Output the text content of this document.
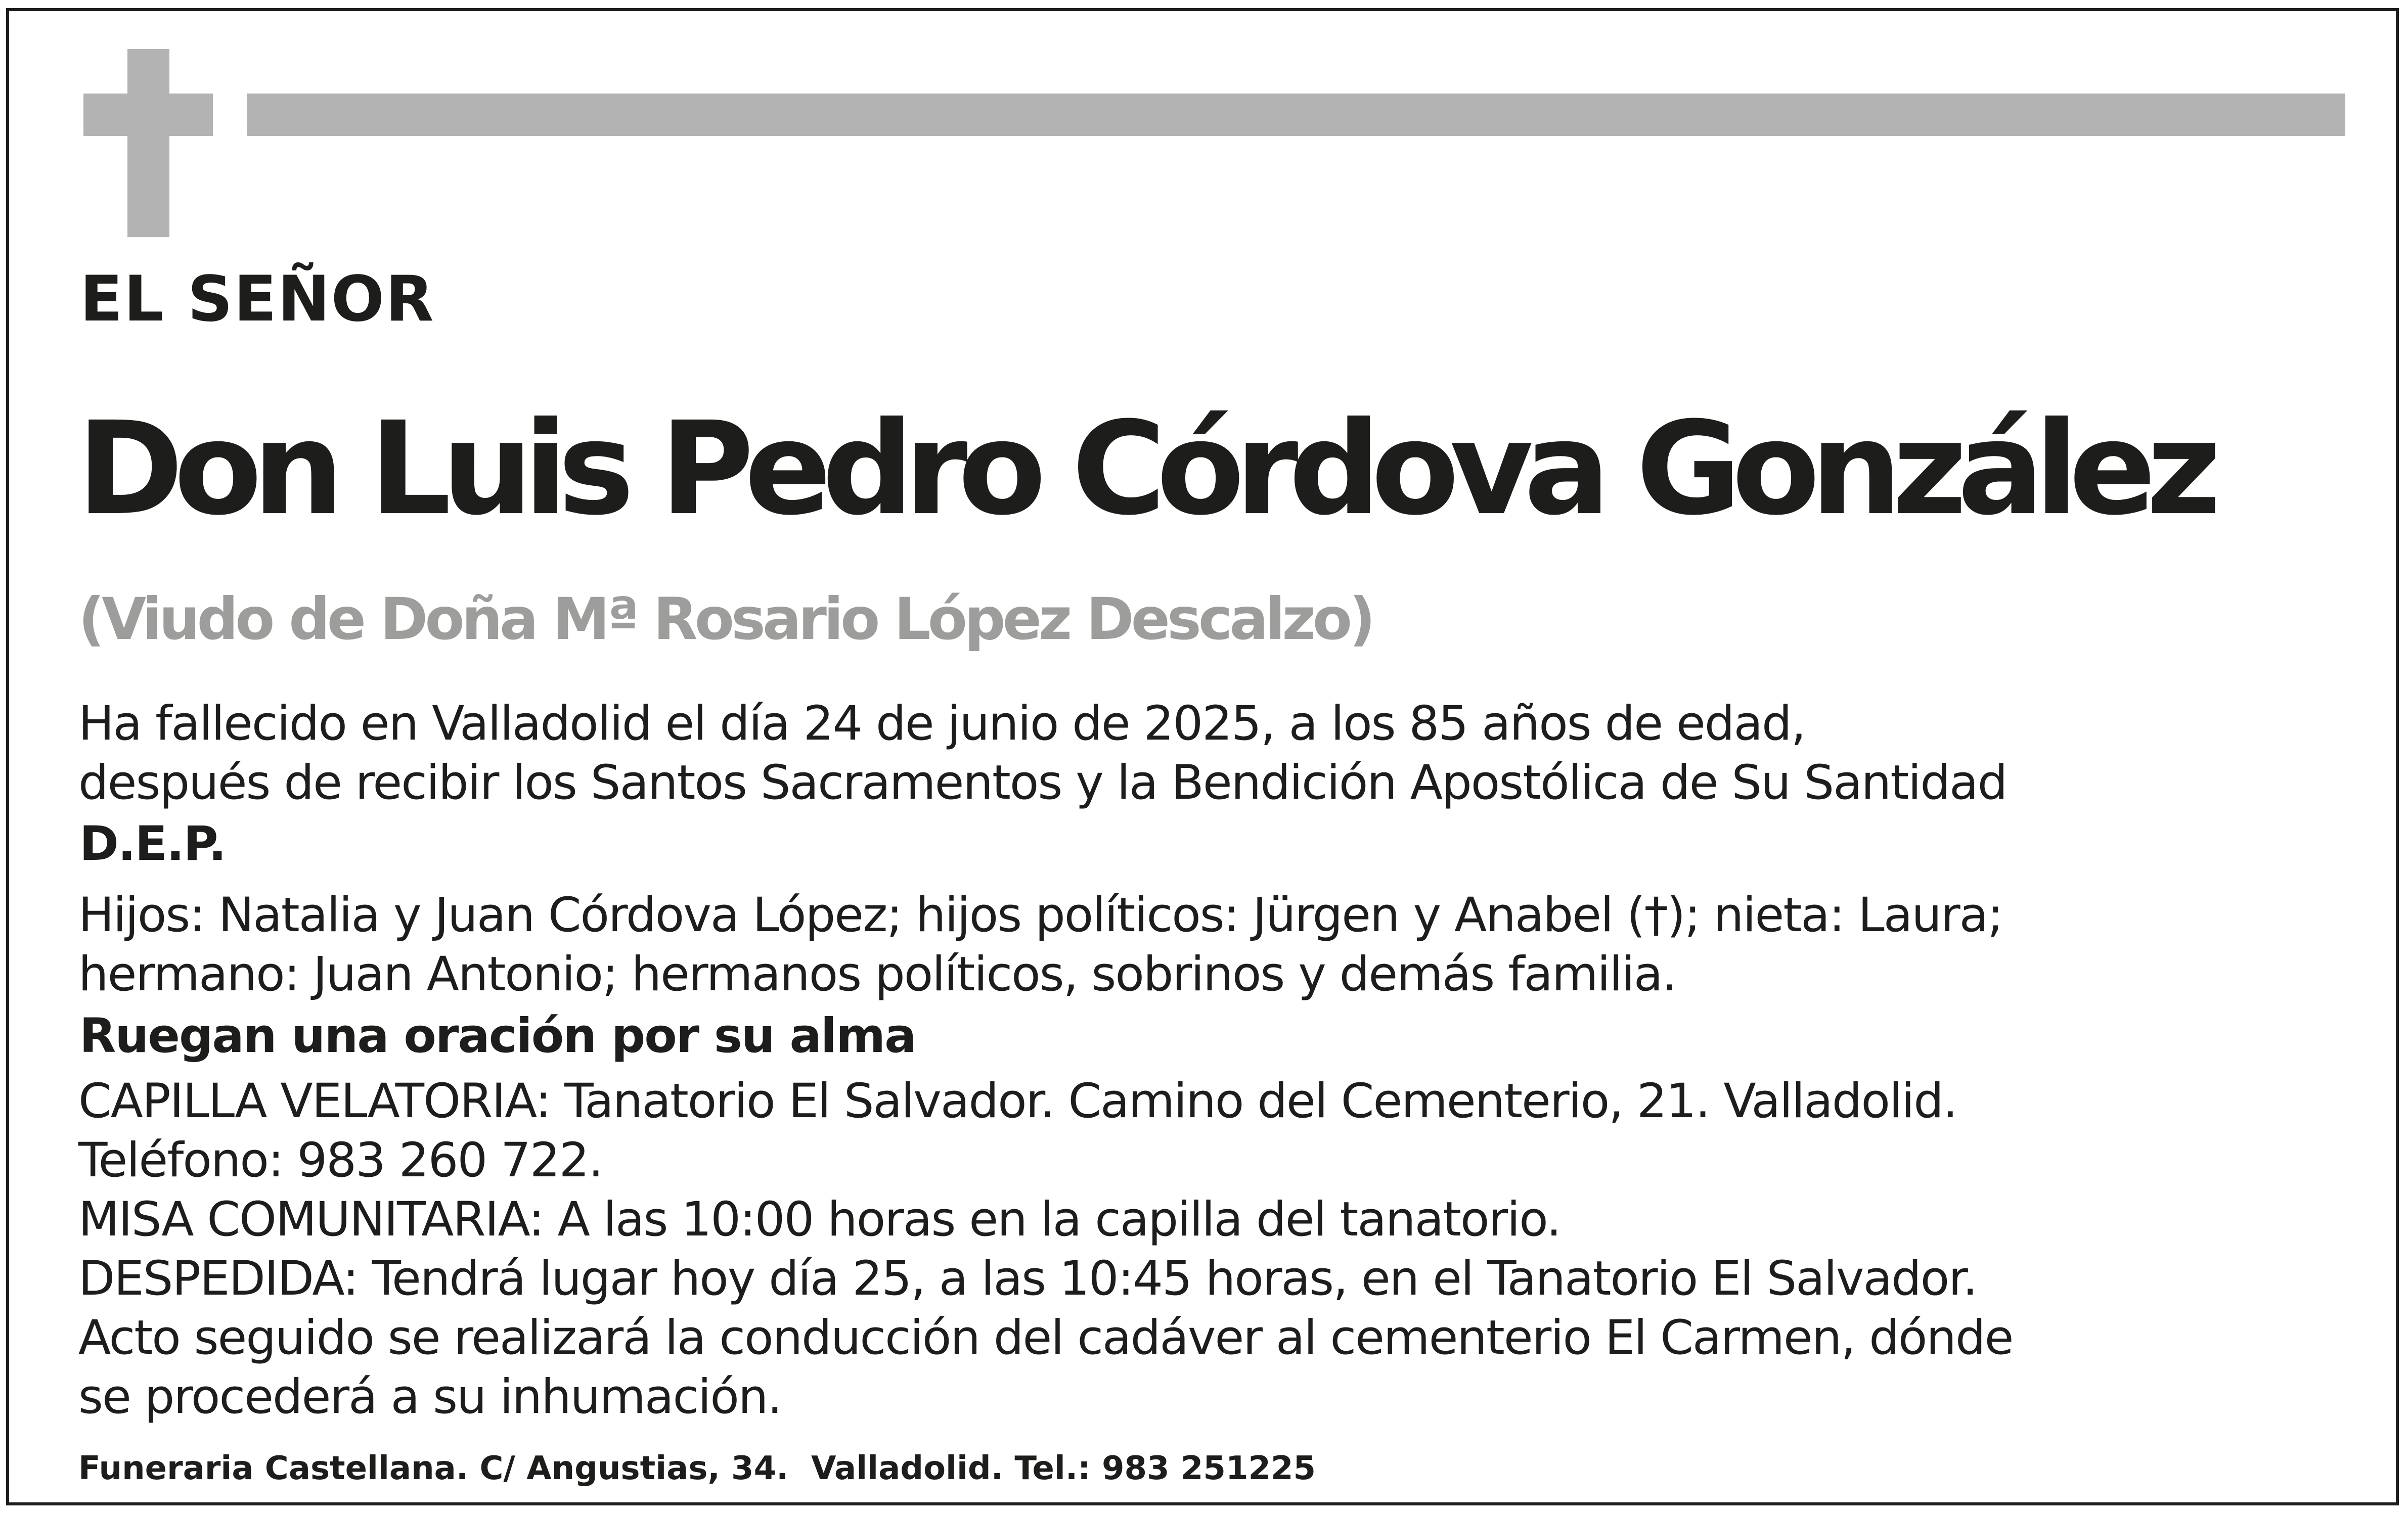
EL SEÑOR
Don Luis Pedro Córdova González
(Viudo de Doña Mª Rosario López Descalzo)
Ha fallecido en Valladolid el día 24 de junio de 2025, a los 85 años de edad,
después de recibir los Santos Sacramentos y la Bendición Apostólica de Su Santidad
D.E.P.
Hijos: Natalia y Juan Córdova López; hijos políticos: Jürgen y Anabel (†); nieta: Laura;
hermano: Juan Antonio; hermanos políticos, sobrinos y demás familia.
Ruegan una oración por su alma
CAPILLA VELATORIA: Tanatorio El Salvador. Camino del Cementerio, 21. Valladolid.
Teléfono: 983 260 722.
MISA COMUNITARIA: A las 10:00 horas en la capilla del tanatorio.
DESPEDIDA: Tendrá lugar hoy día 25, a las 10:45 horas, en el Tanatorio El Salvador.
Acto seguido se realizará la conducción del cadáver al cementerio El Carmen, dónde
se procederá a su inhumación.
Funeraria Castellana. C/ Angustias, 34.  Valladolid. Tel.: 983 251225
